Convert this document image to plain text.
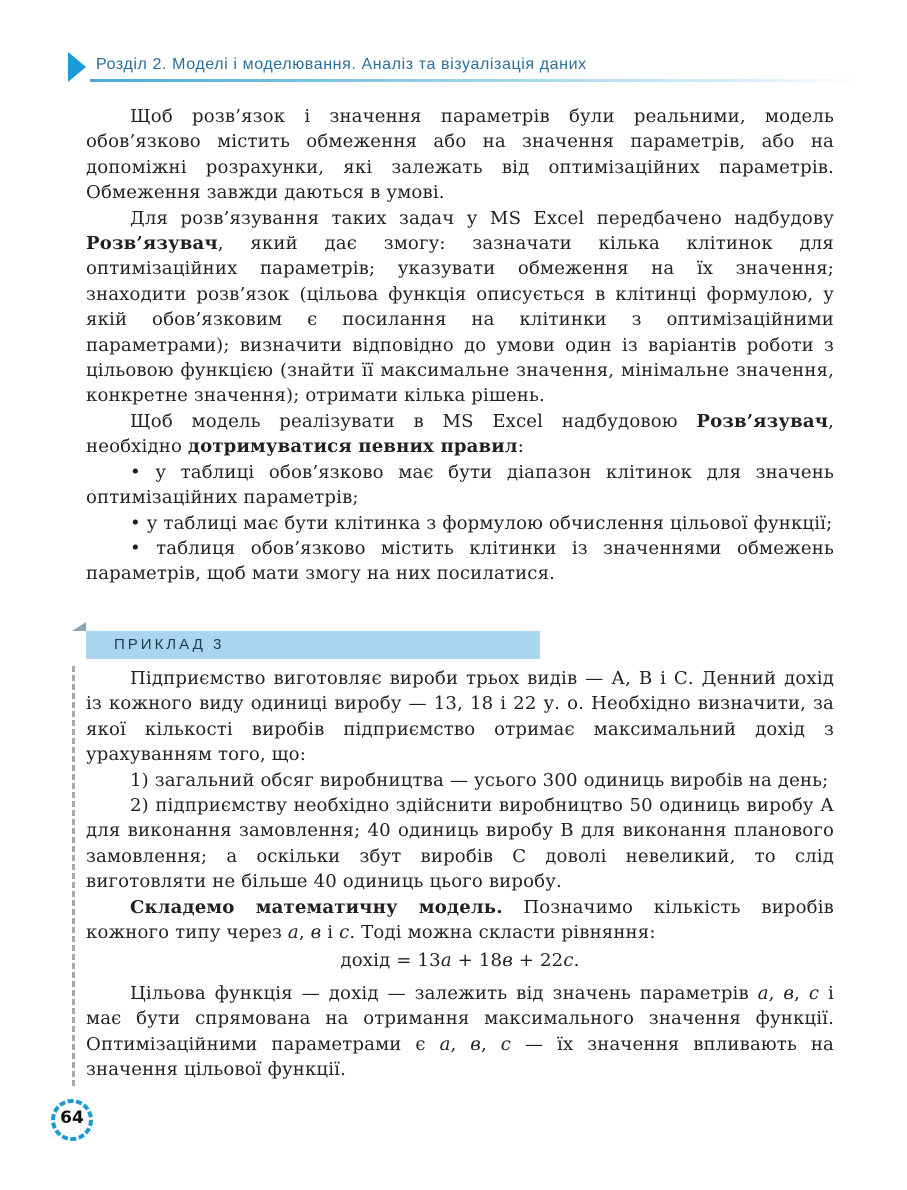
Розділ 2. Моделі і моделювання. Аналіз та візуалізація даних

Щоб розв’язок і значення параметрів були реальними, модель обов’язково містить обмеження або на значення параметрів, або на допоміжні розрахунки, які залежать від оптимізаційних параметрів. Обмеження завжди даються в умові.

Для розв’язування таких задач у MS Excel передбачено надбудову Розв’язувач, який дає змогу: зазначати кілька клітинок для оптимізаційних параметрів; указувати обмеження на їх значення; знаходити розв’язок (цільова функція описується в клітинці формулою, у якій обов’язковим є посилання на клітинки з оптимізаційними параметрами); визначити відповідно до умови один із варіантів роботи з цільовою функцією (знайти її максимальне значення, мінімальне значення, конкретне значення); отримати кілька рішень.

Щоб модель реалізувати в MS Excel надбудовою Розв’язувач, необхідно дотримуватися певних правил:

• у таблиці обов’язково має бути діапазон клітинок для значень оптимізаційних параметрів;

• у таблиці має бути клітинка з формулою обчислення цільової функції;

• таблиця обов’язково містить клітинки із значеннями обмежень параметрів, щоб мати змогу на них посилатися.

ПРИКЛАД 3

Підприємство виготовляє вироби трьох видів — А, В і С. Денний дохід із кожного виду одиниці виробу — 13, 18 і 22 у. о. Необхідно визначити, за якої кількості виробів підприємство отримає максимальний дохід з урахуванням того, що:

1) загальний обсяг виробництва — усього 300 одиниць виробів на день;

2) підприємству необхідно здійснити виробництво 50 одиниць виробу А для виконання замовлення; 40 одиниць виробу В для виконання планового замовлення; а оскільки збут виробів С доволі невеликий, то слід виготовляти не більше 40 одиниць цього виробу.

Складемо математичну модель. Позначимо кількість виробів кожного типу через а, в і с. Тоді можна скласти рівняння:

дохід = 13а + 18в + 22с.

Цільова функція — дохід — залежить від значень параметрів а, в, с і має бути спрямована на отримання максимального значення функції. Оптимізаційними параметрами є а, в, с — їх значення впливають на значення цільової функції.

64
